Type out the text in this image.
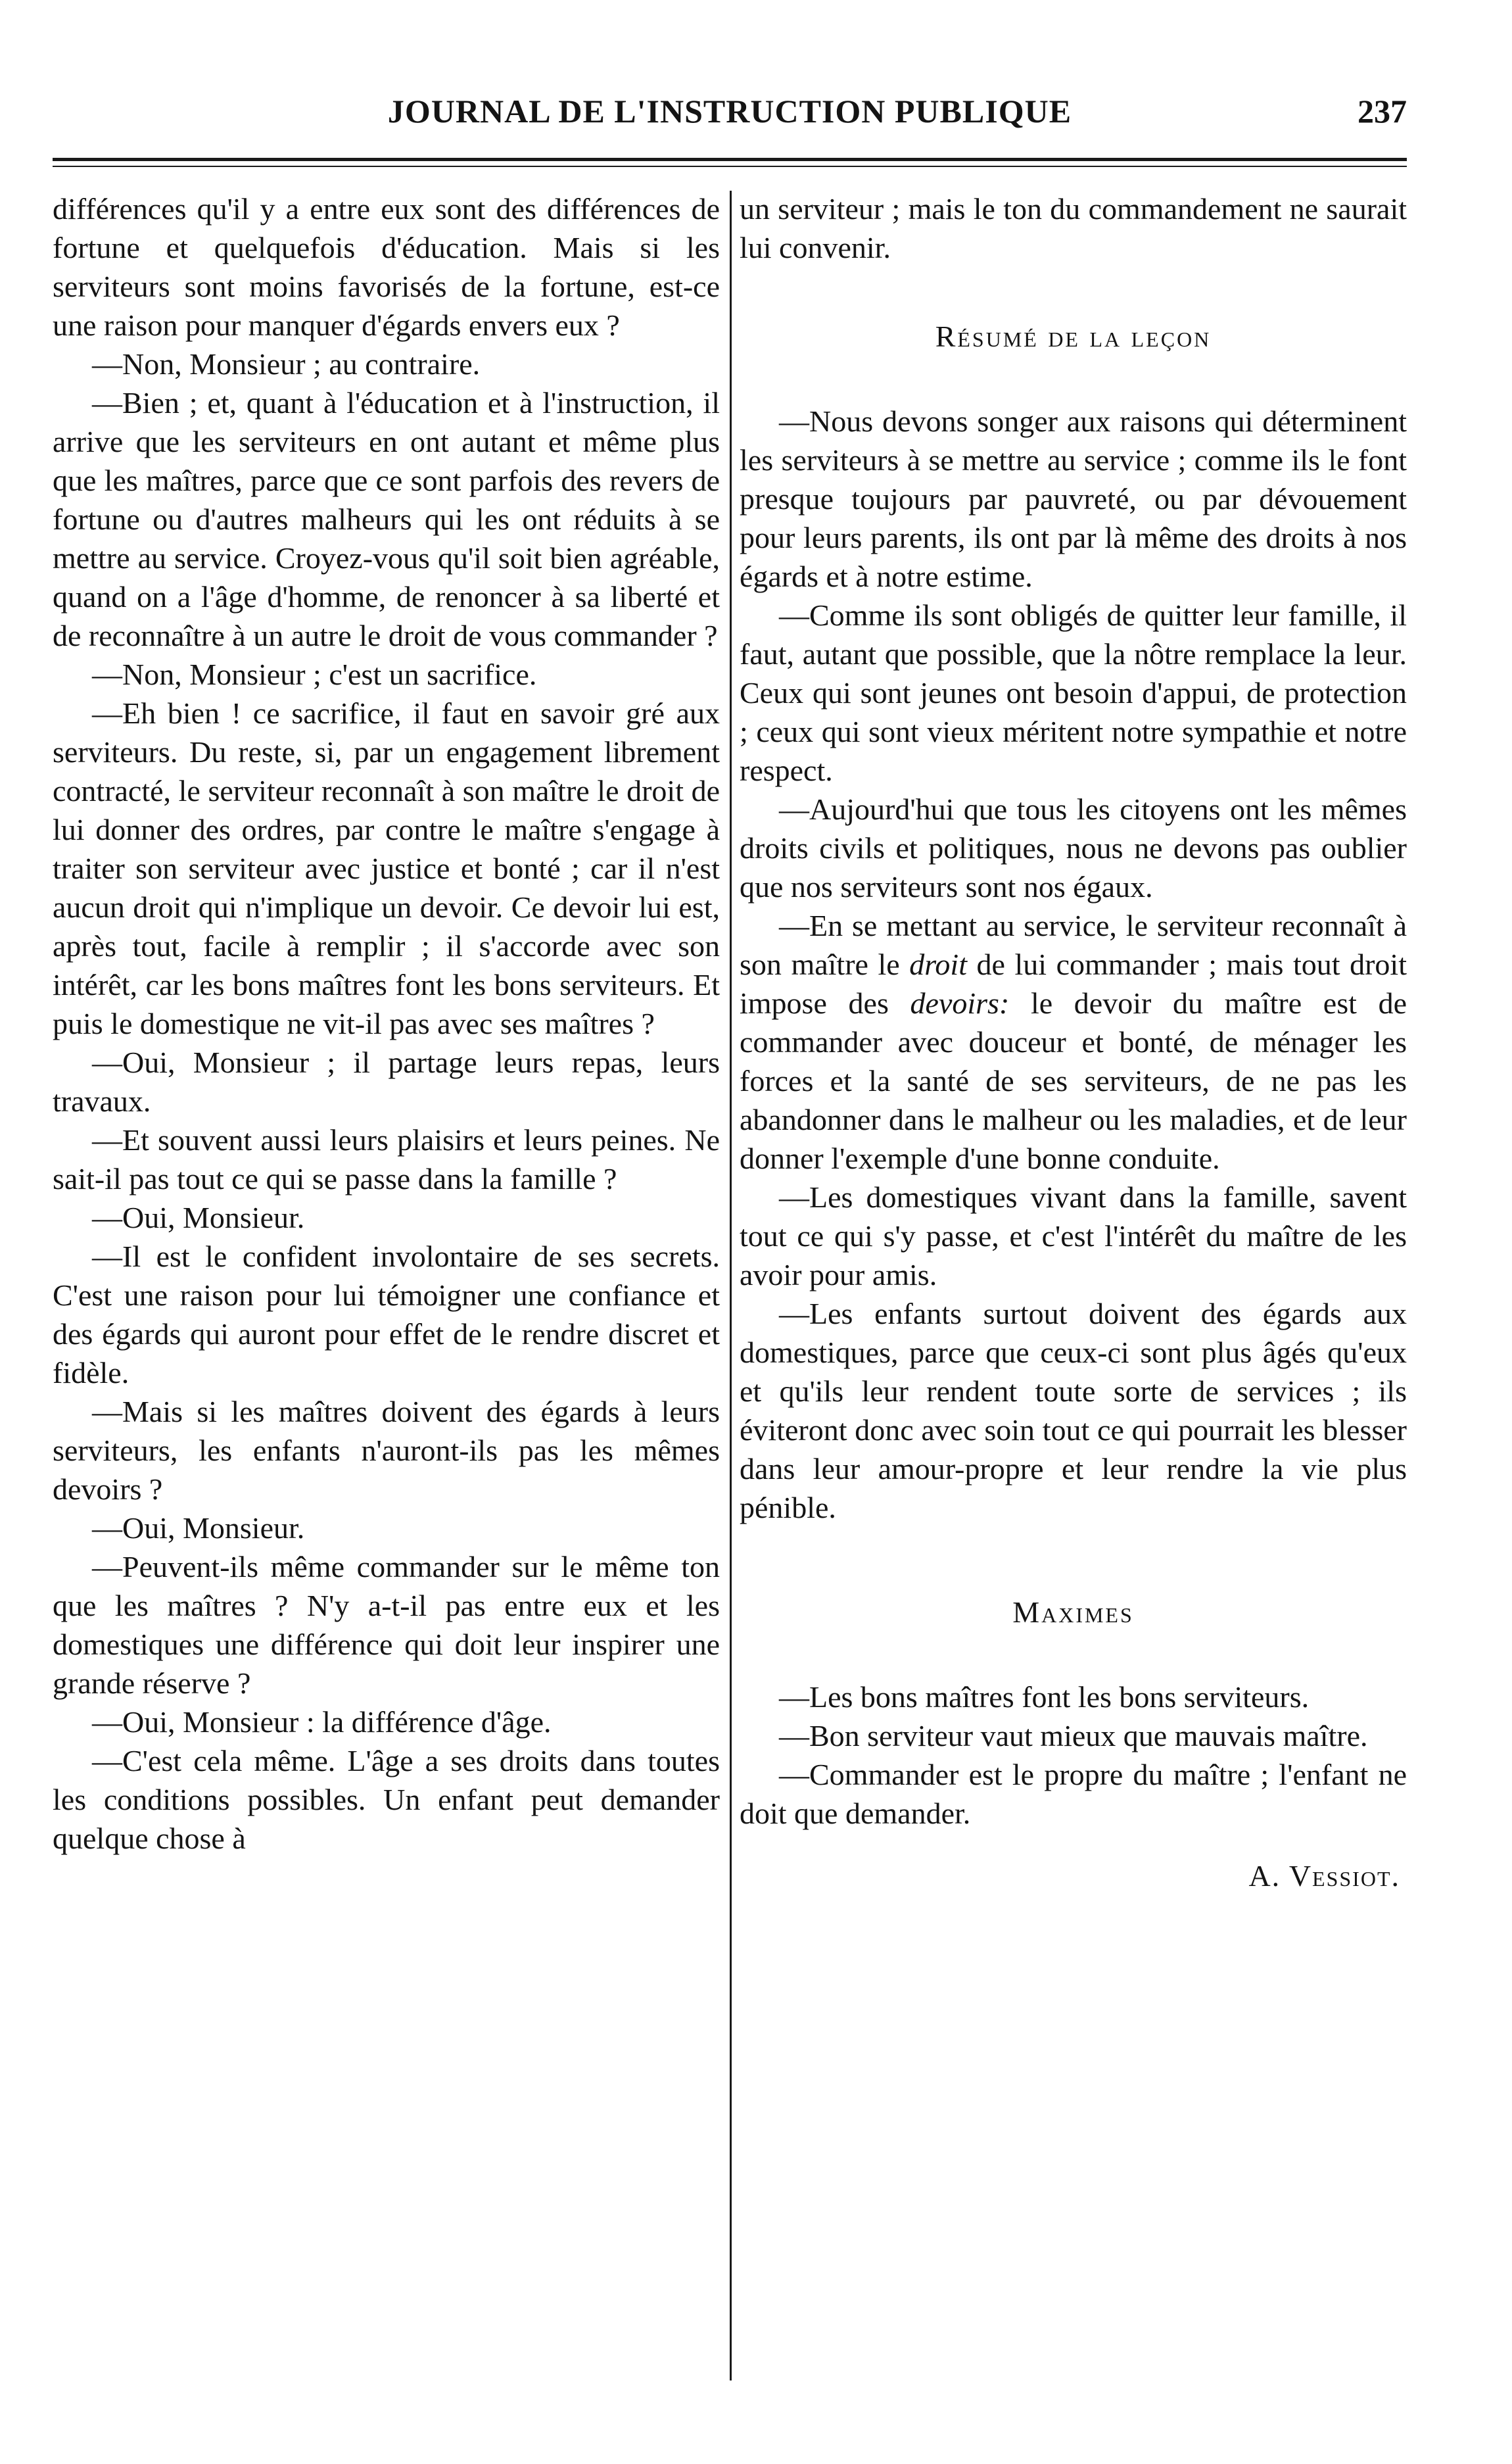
JOURNAL DE L'INSTRUCTION PUBLIQUE	237

différences qu'il y a entre eux sont des différences de fortune et quelquefois d'éducation. Mais si les serviteurs sont moins favorisés de la fortune, est-ce une raison pour manquer d'égards envers eux ?

—Non, Monsieur ; au contraire.

—Bien ; et, quant à l'éducation et à l'instruction, il arrive que les serviteurs en ont autant et même plus que les maîtres, parce que ce sont parfois des revers de fortune ou d'autres malheurs qui les ont réduits à se mettre au service. Croyez-vous qu'il soit bien agréable, quand on a l'âge d'homme, de renoncer à sa liberté et de reconnaître à un autre le droit de vous commander ?

—Non, Monsieur ; c'est un sacrifice.

—Eh bien ! ce sacrifice, il faut en savoir gré aux serviteurs. Du reste, si, par un engagement librement contracté, le serviteur reconnaît à son maître le droit de lui donner des ordres, par contre le maître s'engage à traiter son serviteur avec justice et bonté ; car il n'est aucun droit qui n'implique un devoir. Ce devoir lui est, après tout, facile à remplir ; il s'accorde avec son intérêt, car les bons maîtres font les bons serviteurs. Et puis le domestique ne vit-il pas avec ses maîtres ?

—Oui, Monsieur ; il partage leurs repas, leurs travaux.

—Et souvent aussi leurs plaisirs et leurs peines. Ne sait-il pas tout ce qui se passe dans la famille ?

—Oui, Monsieur.

—Il est le confident involontaire de ses secrets. C'est une raison pour lui témoigner une confiance et des égards qui auront pour effet de le rendre discret et fidèle.

—Mais si les maîtres doivent des égards à leurs serviteurs, les enfants n'auront-ils pas les mêmes devoirs ?

—Oui, Monsieur.

—Peuvent-ils même commander sur le même ton que les maîtres ? N'y a-t-il pas entre eux et les domestiques une différence qui doit leur inspirer une grande réserve ?

—Oui, Monsieur : la différence d'âge.

—C'est cela même. L'âge a ses droits dans toutes les conditions possibles. Un enfant peut demander quelque chose à

un serviteur ; mais le ton du commandement ne saurait lui convenir.

Résumé de la leçon

—Nous devons songer aux raisons qui déterminent les serviteurs à se mettre au service ; comme ils le font presque toujours par pauvreté, ou par dévouement pour leurs parents, ils ont par là même des droits à nos égards et à notre estime.

—Comme ils sont obligés de quitter leur famille, il faut, autant que possible, que la nôtre remplace la leur. Ceux qui sont jeunes ont besoin d'appui, de protection ; ceux qui sont vieux méritent notre sympathie et notre respect.

—Aujourd'hui que tous les citoyens ont les mêmes droits civils et politiques, nous ne devons pas oublier que nos serviteurs sont nos égaux.

—En se mettant au service, le serviteur reconnaît à son maître le droit de lui commander ; mais tout droit impose des devoirs: le devoir du maître est de commander avec douceur et bonté, de ménager les forces et la santé de ses serviteurs, de ne pas les abandonner dans le malheur ou les maladies, et de leur donner l'exemple d'une bonne conduite.

—Les domestiques vivant dans la famille, savent tout ce qui s'y passe, et c'est l'intérêt du maître de les avoir pour amis.

—Les enfants surtout doivent des égards aux domestiques, parce que ceux-ci sont plus âgés qu'eux et qu'ils leur rendent toute sorte de services ; ils éviteront donc avec soin tout ce qui pourrait les blesser dans leur amour-propre et leur rendre la vie plus pénible.

Maximes

—Les bons maîtres font les bons serviteurs.

—Bon serviteur vaut mieux que mauvais maître.

—Commander est le propre du maître ; l'enfant ne doit que demander.

A. Vessiot.
